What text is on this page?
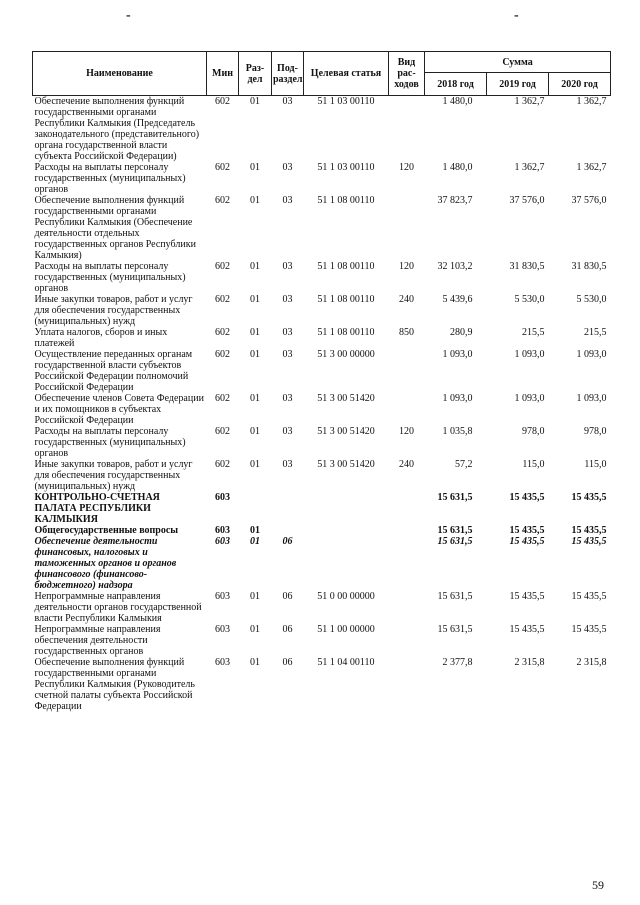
-	-
Наименование	Мин	Раз-дел	Под-раздел	Целевая статья	Вид рас-ходов	Сумма		
						2018 год	2019 год	2020 год
Обеспечение выполнения функций государственными органами Республики Калмыкия (Председатель законодательного (представительного) органа государственной власти субъекта Российской Федерации)	602	01	03	51 1 03 00110		1 480,0	1 362,7	1 362,7
Расходы на выплаты персоналу государственных (муниципальных) органов	602	01	03	51 1 03 00110	120	1 480,0	1 362,7	1 362,7
Обеспечение выполнения функций государственными органами Республики Калмыкия (Обеспечение деятельности отдельных государственных органов Республики Калмыкия)	602	01	03	51 1 08 00110		37 823,7	37 576,0	37 576,0
Расходы на выплаты персоналу государственных (муниципальных) органов	602	01	03	51 1 08 00110	120	32 103,2	31 830,5	31 830,5
Иные закупки товаров, работ и услуг для обеспечения государственных (муниципальных) нужд	602	01	03	51 1 08 00110	240	5 439,6	5 530,0	5 530,0
Уплата налогов, сборов и иных платежей	602	01	03	51 1 08 00110	850	280,9	215,5	215,5
Осуществление переданных органам государственной власти субъектов Российской Федерации полномочий Российской Федерации	602	01	03	51 3 00 00000		1 093,0	1 093,0	1 093,0
Обеспечение членов Совета Федерации и их помощников в субъектах Российской Федерации	602	01	03	51 3 00 51420		1 093,0	1 093,0	1 093,0
Расходы на выплаты персоналу государственных (муниципальных) органов	602	01	03	51 3 00 51420	120	1 035,8	978,0	978,0
Иные закупки товаров, работ и услуг для обеспечения государственных (муниципальных) нужд	602	01	03	51 3 00 51420	240	57,2	115,0	115,0
КОНТРОЛЬНО-СЧЕТНАЯ ПАЛАТА РЕСПУБЛИКИ КАЛМЫКИЯ	603					15 631,5	15 435,5	15 435,5
Общегосударственные вопросы	603	01				15 631,5	15 435,5	15 435,5
Обеспечение деятельности финансовых, налоговых и таможенных органов и органов финансового (финансово-бюджетного) надзора	603	01	06			15 631,5	15 435,5	15 435,5
Непрограммные направления деятельности органов государственной власти Республики Калмыкия	603	01	06	51 0 00 00000		15 631,5	15 435,5	15 435,5
Непрограммные направления обеспечения деятельности государственных органов	603	01	06	51 1 00 00000		15 631,5	15 435,5	15 435,5
Обеспечение выполнения функций государственными органами Республики Калмыкия (Руководитель счетной палаты субъекта Российской Федерации	603	01	06	51 1 04 00110		2 377,8	2 315,8	2 315,8
59
